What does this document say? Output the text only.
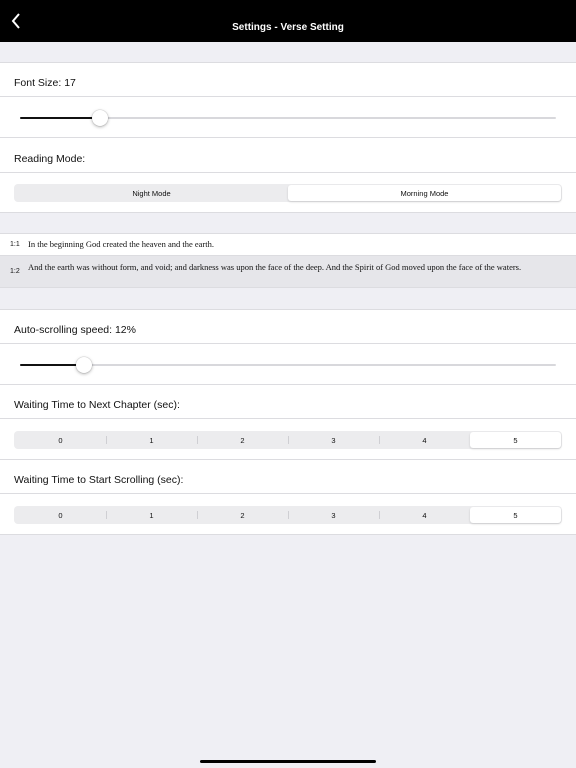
Settings - Verse Setting
Font Size: 17
Reading Mode:
Night Mode	Morning Mode
1:1 In the beginning God created the heaven and the earth.
1:2 And the earth was without form, and void; and darkness was upon the face of the deep. And the Spirit of God moved upon the face of the waters.
Auto-scrolling speed: 12%
Waiting Time to Next Chapter (sec):
0	1	2	3	4	5
Waiting Time to Start Scrolling (sec):
0	1	2	3	4	5
